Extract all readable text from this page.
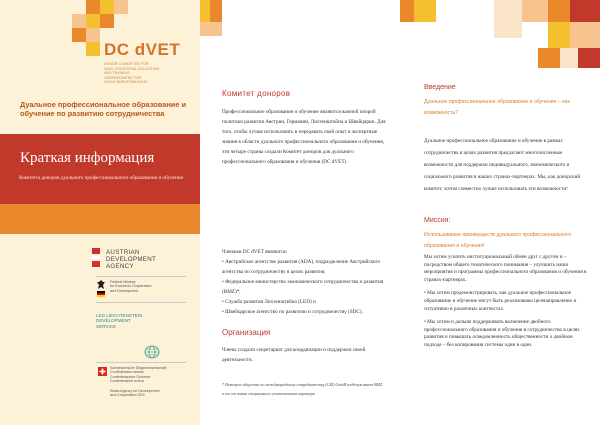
DC dVET
DONOR COMMITTEE FOR
DUAL VOCATIONAL EDUCATION
AND TRAINING
GEBERKOMITEE FÜR
DUALE BERUFSBILDUNG
Дуальное профессиональное образование и обучение по развитию сотрудничества
Краткая информация
Комитета доноров дуального профессионального образования и обучения
AUSTRIAN
DEVELOPMENT
AGENCY
Federal Ministry
for Economic Cooperation
and Development
LED LIECHTENSTEIN
DEVELOPMENT
SERVICE
Schweizerische Eidgenossenschaft
Confédération suisse
Confederazione Svizzera
Confederaziun svizra
Swiss Agency for Development
and Cooperation SDC
Комитет доноров

Профессиональное образование и обучение являются важной опорой политики развития Австрии, Германии, Лихтенштейна и Швейцарии. Для того, чтобы лучше использовать и передавать свой опыт и экспертные знания в области дуального профессионального образования и обучения, эти четыре страны создали Комитет доноров для дуального профессионального образования и обучения (DC dVET).

Членами DC dVET являются:
• Австрийское агентство развития (ADA), подразделение Австрийского агентства по сотрудничеству в целях развития,
• Федеральное министерство экономического сотрудничества и развития (BMZ)*,
• Служба развития Лихтенштейна (LED) и
• Швейцарское агентство по развитию и сотрудничеству (SDC).
Организация
Члены создали секретариат для координации и поддержки своей деятельности.
* Немецкое общество по международному сотрудничеству (GIZ) GmbH поддерживает BMZ в его от имени специального уполномочения партнера
Введение
Дуальное профессиональное образование и обучение – как возможность?
Дуальное профессиональное образование и обучение в рамках сотрудничества в целях развития предлагают многочисленные возможности для поддержки индивидуального, экономического и социального развития в наших странах-партнерах. Мы, как донорский комитет, хотим совместно лучше использовать эти возможности!
Миссия:
Использование преимуществ дуального профессионального образования и обучения!

Мы хотим усилить институциональный обмен друг с другом и – посредством общего тематического понимания – улучшить наши мероприятия и программы профессионального образования и обучения в странах-партнерах.

• Мы хотим продемонстрировать, как дуальное профессиональное образование и обучение могут быть реализованы целенаправленно и ситуативно в различных контекстах.

• Мы хотим и дальше поддерживать включение двойного профессионального образования и обучения в сотрудничество в целях развития и повышать осведомленность общественности о двойном подходе – без копирования системы один в один.
